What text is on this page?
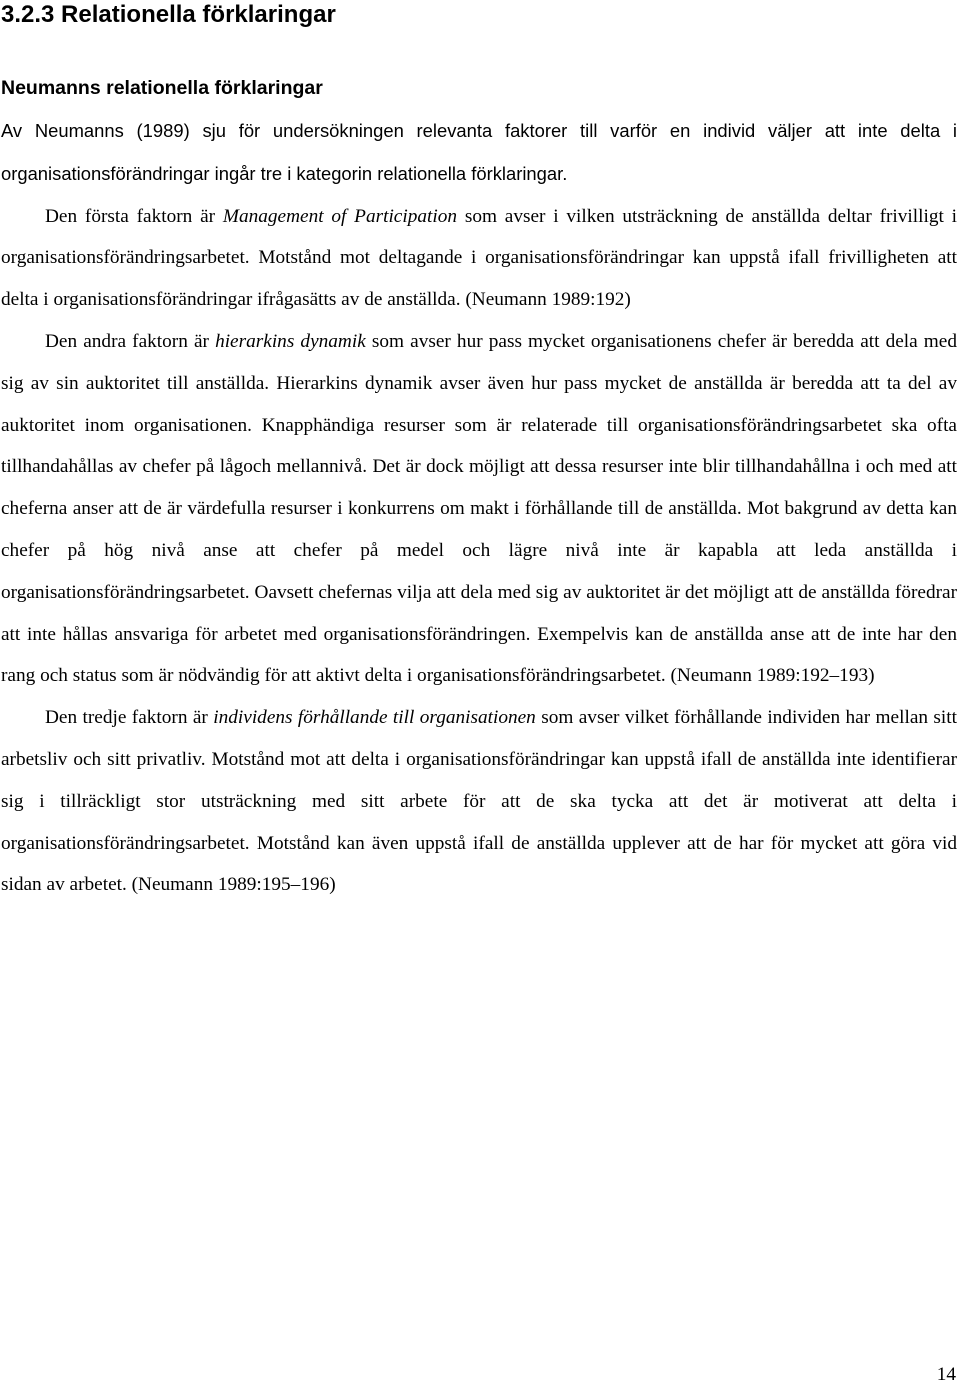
3.2.3 Relationella förklaringar
Neumanns relationella förklaringar

Av Neumanns (1989) sju för undersökningen relevanta faktorer till varför en individ väljer att inte delta i organisationsförändringar ingår tre i kategorin relationella förklaringar.

Den första faktorn är Management of Participation som avser i vilken utsträckning de anställda deltar frivilligt i organisationsförändringsarbetet. Motstånd mot deltagande i organisationsförändringar kan uppstå ifall frivilligheten att delta i organisationsförändringar ifrågasätts av de anställda. (Neumann 1989:192)

Den andra faktorn är hierarkins dynamik som avser hur pass mycket organisationens chefer är beredda att dela med sig av sin auktoritet till anställda. Hierarkins dynamik avser även hur pass mycket de anställda är beredda att ta del av auktoritet inom organisationen. Knapphändiga resurser som är relaterade till organisationsförändringsarbetet ska ofta tillhandahållas av chefer på lågoch mellannivå. Det är dock möjligt att dessa resurser inte blir tillhandahållna i och med att cheferna anser att de är värdefulla resurser i konkurrens om makt i förhållande till de anställda. Mot bakgrund av detta kan chefer på hög nivå anse att chefer på medel och lägre nivå inte är kapabla att leda anställda i organisationsförändringsarbetet. Oavsett chefernas vilja att dela med sig av auktoritet är det möjligt att de anställda föredrar att inte hållas ansvariga för arbetet med organisationsförändringen. Exempelvis kan de anställda anse att de inte har den rang och status som är nödvändig för att aktivt delta i organisationsförändringsarbetet. (Neumann 1989:192–193)

Den tredje faktorn är individens förhållande till organisationen som avser vilket förhållande individen har mellan sitt arbetsliv och sitt privatliv. Motstånd mot att delta i organisationsförändringar kan uppstå ifall de anställda inte identifierar sig i tillräckligt stor utsträckning med sitt arbete för att de ska tycka att det är motiverat att delta i organisationsförändringsarbetet. Motstånd kan även uppstå ifall de anställda upplever att de har för mycket att göra vid sidan av arbetet. (Neumann 1989:195–196)

14
